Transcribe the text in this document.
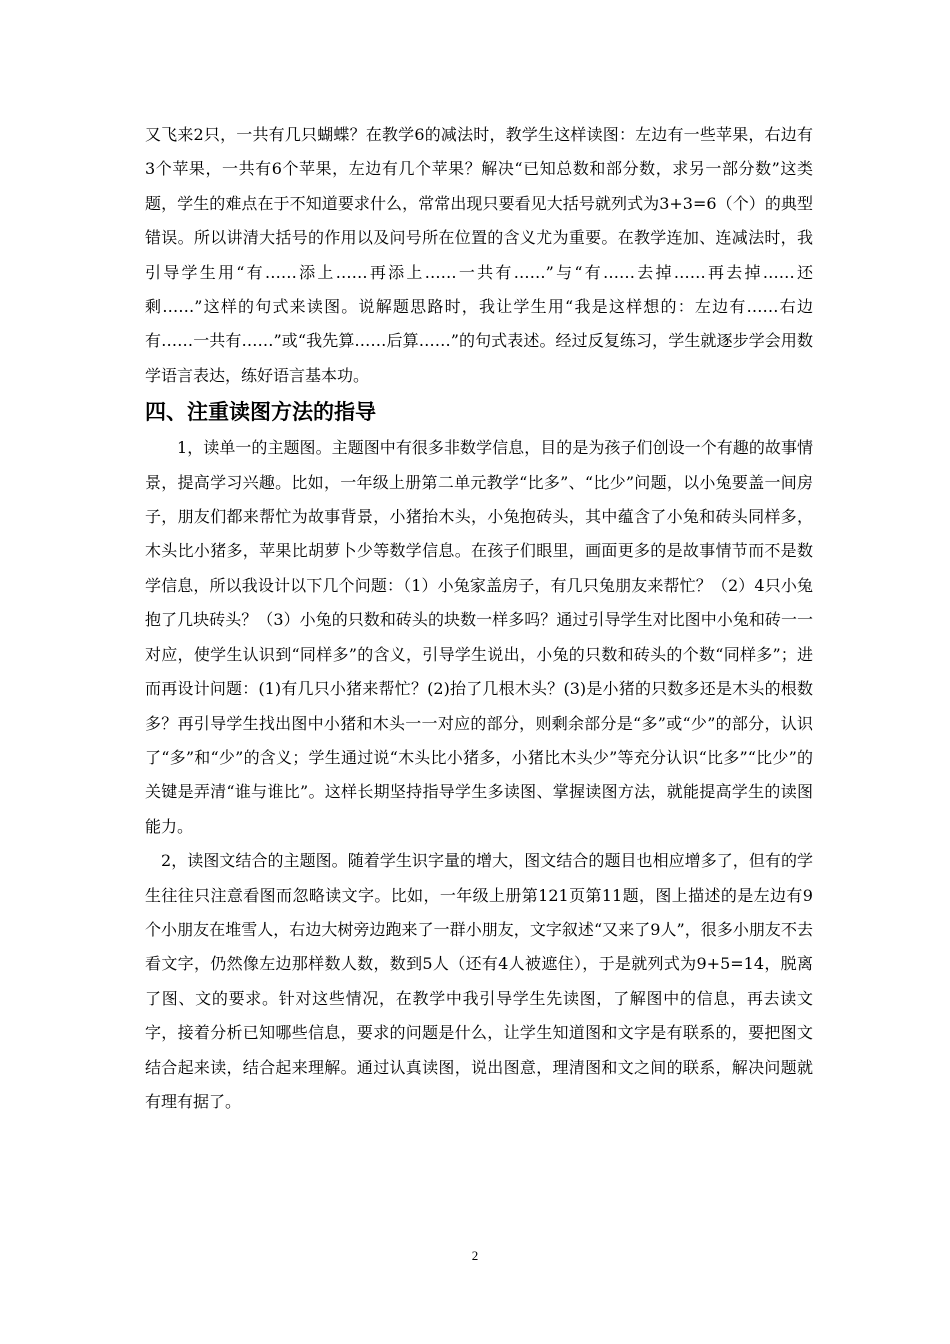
又飞来2只，一共有几只蝴蝶？在教学6的减法时，教学生这样读图：左边有一些苹果，右边有3个苹果，一共有6个苹果，左边有几个苹果？解决“已知总数和部分数，求另一部分数”这类题，学生的难点在于不知道要求什么，常常出现只要看见大括号就列式为3+3=6（个）的典型错误。所以讲清大括号的作用以及问号所在位置的含义尤为重要。在教学连加、连减法时，我引导学生用“有……添上……再添上……一共有……”与“有……去掉……再去掉……还剩……”这样的句式来读图。说解题思路时，我让学生用“我是这样想的：左边有……右边有……一共有……”或“我先算……后算……”的句式表述。经过反复练习，学生就逐步学会用数学语言表达，练好语言基本功。

四、注重读图方法的指导

1，读单一的主题图。主题图中有很多非数学信息，目的是为孩子们创设一个有趣的故事情景，提高学习兴趣。比如，一年级上册第二单元教学“比多”、“比少”问题，以小兔要盖一间房子，朋友们都来帮忙为故事背景，小猪抬木头，小兔抱砖头，其中蕴含了小兔和砖头同样多，木头比小猪多，苹果比胡萝卜少等数学信息。在孩子们眼里，画面更多的是故事情节而不是数学信息，所以我设计以下几个问题：（1）小兔家盖房子，有几只兔朋友来帮忙？（2）4只小兔抱了几块砖头？（3）小兔的只数和砖头的块数一样多吗？通过引导学生对比图中小兔和砖一一对应，使学生认识到“同样多”的含义，引导学生说出，小兔的只数和砖头的个数“同样多”；进而再设计问题：(1)有几只小猪来帮忙？(2)抬了几根木头？(3)是小猪的只数多还是木头的根数多？再引导学生找出图中小猪和木头一一对应的部分，则剩余部分是“多”或“少”的部分，认识了“多”和“少”的含义；学生通过说“木头比小猪多，小猪比木头少”等充分认识“比多”“比少”的关键是弄清“谁与谁比”。这样长期坚持指导学生多读图、掌握读图方法，就能提高学生的读图能力。

2，读图文结合的主题图。随着学生识字量的增大，图文结合的题目也相应增多了，但有的学生往往只注意看图而忽略读文字。比如，一年级上册第121页第11题，图上描述的是左边有9个小朋友在堆雪人，右边大树旁边跑来了一群小朋友，文字叙述“又来了9人”，很多小朋友不去看文字，仍然像左边那样数人数，数到5人（还有4人被遮住），于是就列式为9+5=14，脱离了图、文的要求。针对这些情况，在教学中我引导学生先读图，了解图中的信息，再去读文字，接着分析已知哪些信息，要求的问题是什么，让学生知道图和文字是有联系的，要把图文结合起来读，结合起来理解。通过认真读图，说出图意，理清图和文之间的联系，解决问题就有理有据了。

2
